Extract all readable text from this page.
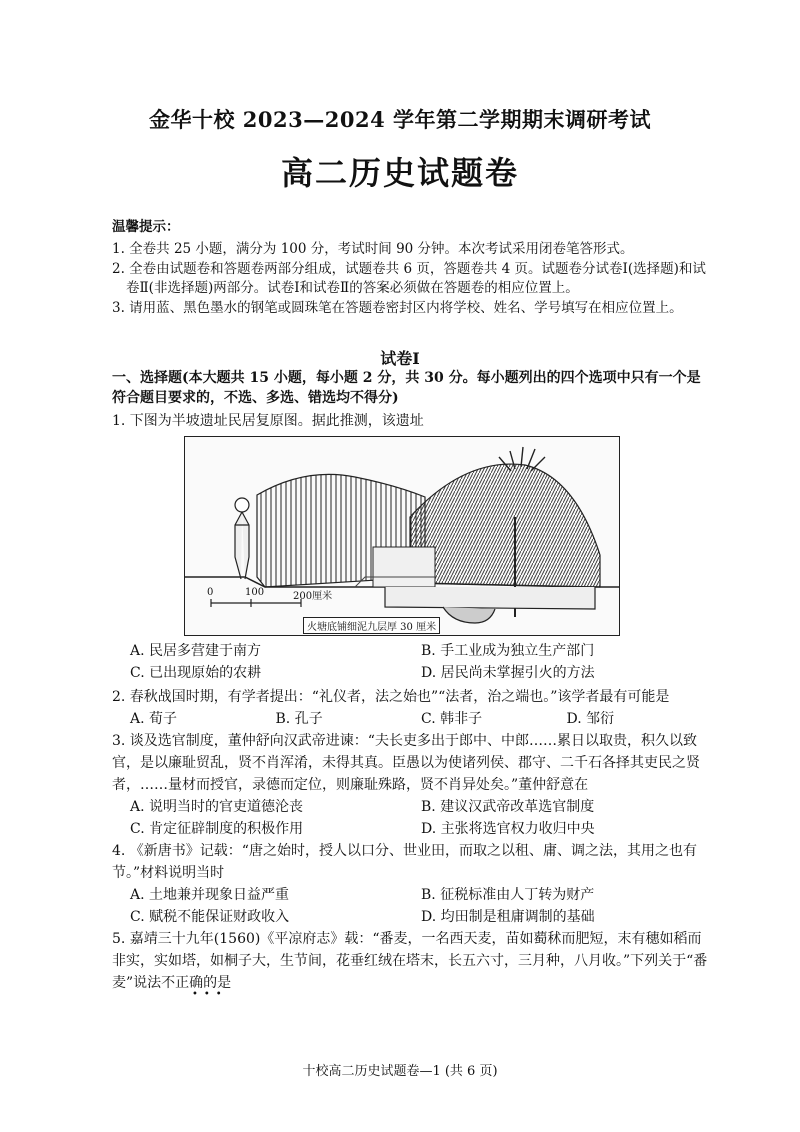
金华十校 2023—2024 学年第二学期期末调研考试
高二历史试题卷
温馨提示：
1. 全卷共 25 小题，满分为 100 分，考试时间 90 分钟。本次考试采用闭卷笔答形式。
2. 全卷由试题卷和答题卷两部分组成，试题卷共 6 页，答题卷共 4 页。试题卷分试卷Ⅰ(选择题)和试卷Ⅱ(非选择题)两部分。试卷Ⅰ和试卷Ⅱ的答案必须做在答题卷的相应位置上。
3. 请用蓝、黑色墨水的钢笔或圆珠笔在答题卷密封区内将学校、姓名、学号填写在相应位置上。
试卷Ⅰ
一、选择题(本大题共 15 小题，每小题 2 分，共 30 分。每小题列出的四个选项中只有一个是符合题目要求的，不选、多选、错选均不得分)
1. 下图为半坡遗址民居复原图。据此推测，该遗址
0	100	200厘米
火塘底铺细泥九层厚 30 厘米
A. 民居多营建于南方	B. 手工业成为独立生产部门
C. 已出现原始的农耕	D. 居民尚未掌握引火的方法
2. 春秋战国时期，有学者提出：“礼仪者，法之始也”“法者，治之端也。”该学者最有可能是
A. 荀子	B. 孔子	C. 韩非子	D. 邹衍
3. 谈及选官制度，董仲舒向汉武帝进谏：“夫长吏多出于郎中、中郎……累日以取贵，积久以致官，是以廉耻贸乱，贤不肖浑淆，未得其真。臣愚以为使诸列侯、郡守、二千石各择其吏民之贤者，……量材而授官，录德而定位，则廉耻殊路，贤不肖异处矣。”董仲舒意在
A. 说明当时的官吏道德沦丧	B. 建议汉武帝改革选官制度
C. 肯定征辟制度的积极作用	D. 主张将选官权力收归中央
4. 《新唐书》记载：“唐之始时，授人以口分、世业田，而取之以租、庸、调之法，其用之也有节。”材料说明当时
A. 土地兼并现象日益严重	B. 征税标准由人丁转为财产
C. 赋税不能保证财政收入	D. 均田制是租庸调制的基础
5. 嘉靖三十九年(1560)《平凉府志》载：“番麦，一名西天麦，苗如薥秫而肥短，末有穗如稻而非实，实如塔，如桐子大，生节间，花垂红绒在塔末，长五六寸，三月种，八月收。”下列关于“番麦”说法不正确的是
•••
十校高二历史试题卷—1 (共 6 页)
